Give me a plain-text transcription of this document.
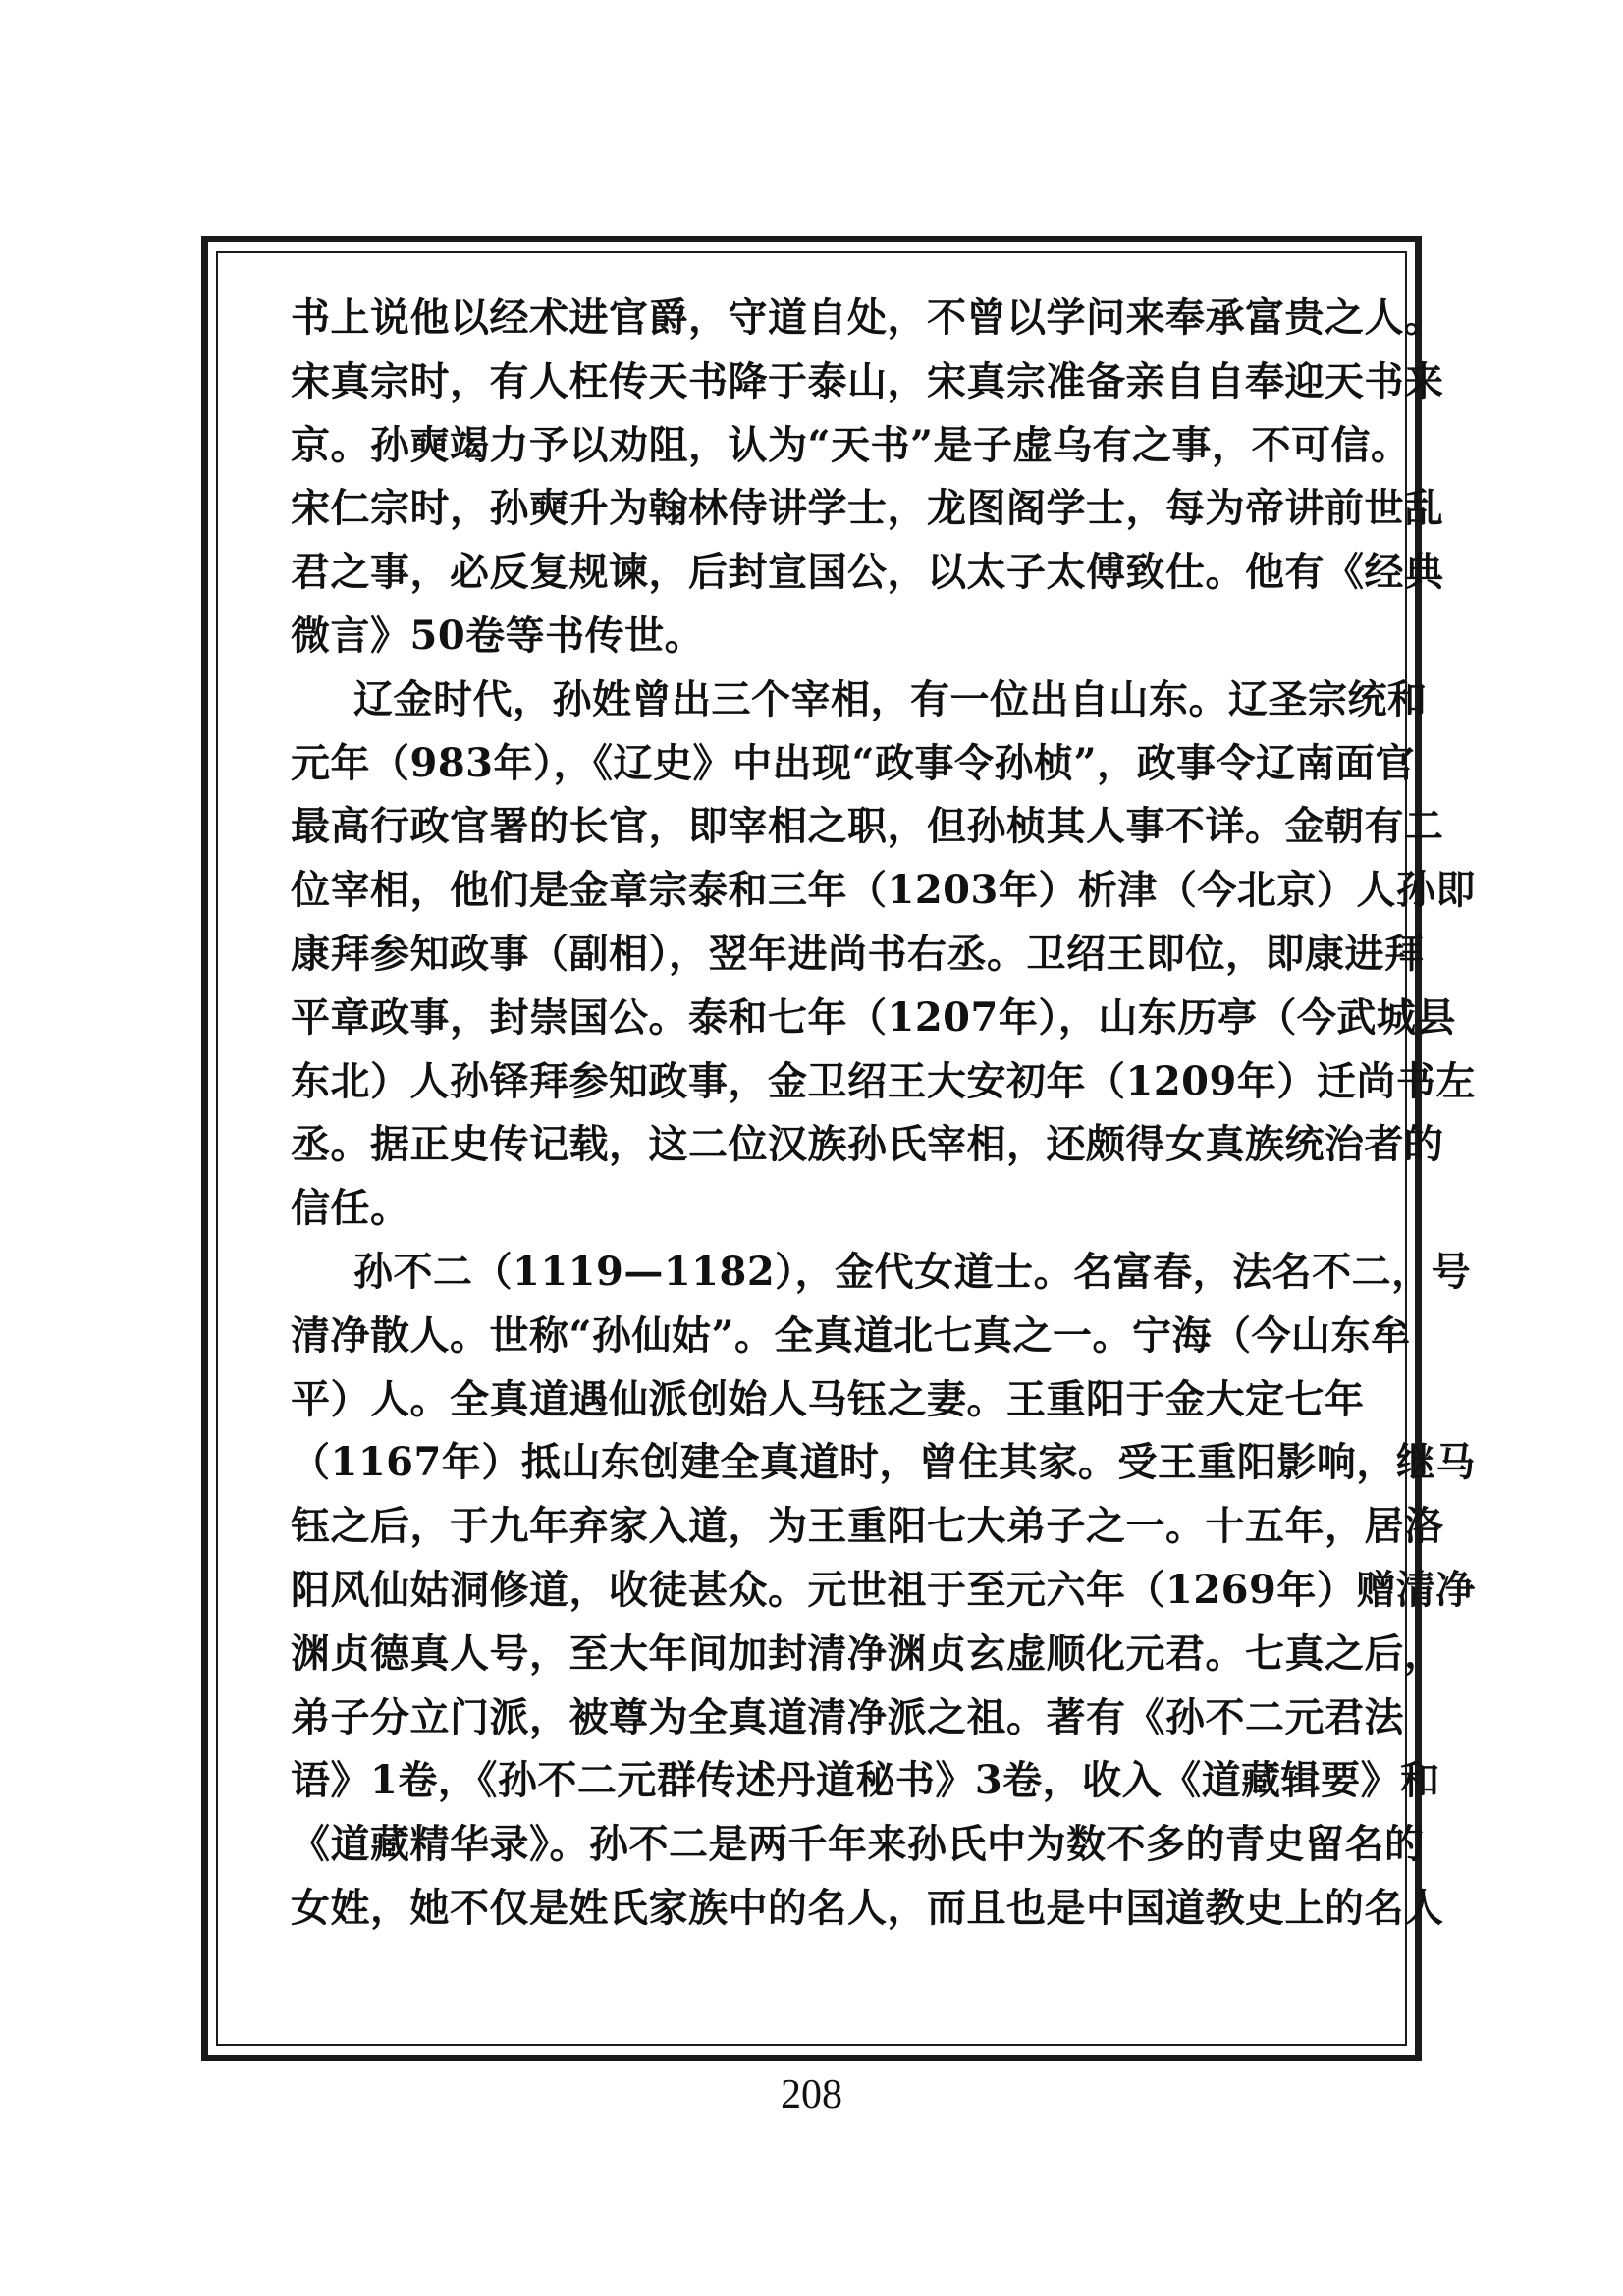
书上说他以经术进官爵，守道自处，不曾以学问来奉承富贵之人。
宋真宗时，有人枉传天书降于泰山，宋真宗准备亲自自奉迎天书来
京。孙奭竭力予以劝阻，认为“天书”是子虚乌有之事，不可信。
宋仁宗时，孙奭升为翰林侍讲学士，龙图阁学士，每为帝讲前世乱
君之事，必反复规谏，后封宣国公，以太子太傅致仕。他有《经典
微言》50卷等书传世。
辽金时代，孙姓曾出三个宰相，有一位出自山东。辽圣宗统和
元年（983年），《辽史》中出现“政事令孙桢”，政事令辽南面官
最高行政官署的长官，即宰相之职，但孙桢其人事不详。金朝有二
位宰相，他们是金章宗泰和三年（1203年）析津（今北京）人孙即
康拜参知政事（副相），翌年进尚书右丞。卫绍王即位，即康进拜
平章政事，封崇国公。泰和七年（1207年），山东历亭（今武城县
东北）人孙铎拜参知政事，金卫绍王大安初年（1209年）迁尚书左
丞。据正史传记载，这二位汉族孙氏宰相，还颇得女真族统治者的
信任。
孙不二（1119—1182），金代女道士。名富春，法名不二，号
清净散人。世称“孙仙姑”。全真道北七真之一。宁海（今山东牟
平）人。全真道遇仙派创始人马钰之妻。王重阳于金大定七年
（1167年）抵山东创建全真道时，曾住其家。受王重阳影响，继马
钰之后，于九年弃家入道，为王重阳七大弟子之一。十五年，居洛
阳风仙姑洞修道，收徒甚众。元世祖于至元六年（1269年）赠清净
渊贞德真人号，至大年间加封清净渊贞玄虚顺化元君。七真之后，
弟子分立门派，被尊为全真道清净派之祖。著有《孙不二元君法
语》1卷，《孙不二元群传述丹道秘书》3卷，收入《道藏辑要》和
《道藏精华录》。孙不二是两千年来孙氏中为数不多的青史留名的
女姓，她不仅是姓氏家族中的名人，而且也是中国道教史上的名人
208
